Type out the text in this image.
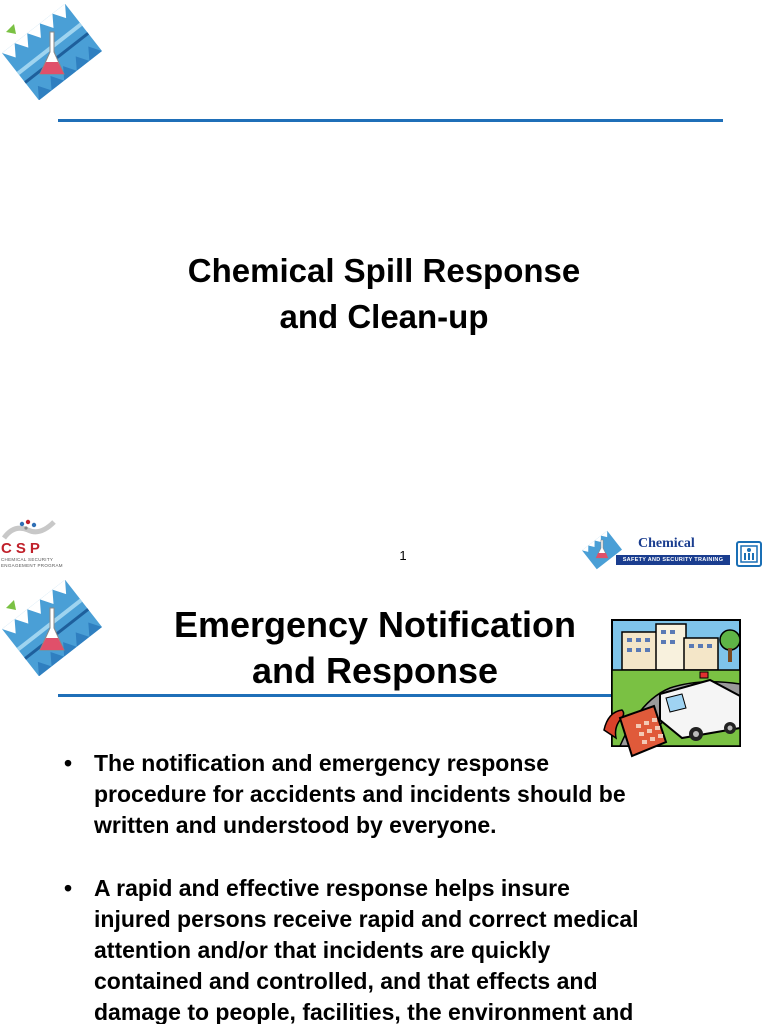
Chemical Spill Response
and Clean-up
CSP
CHEMICAL SECURITY
ENGAGEMENT PROGRAM
1
Chemical
SAFETY AND SECURITY TRAINING
Emergency Notification
and Response
• The notification and emergency response
procedure for accidents and incidents should be
written and understood by everyone.
• A rapid and effective response helps insure
injured persons receive rapid and correct medical
attention and/or that incidents are quickly
contained and controlled, and that effects and
damage to people, facilities, the environment and
